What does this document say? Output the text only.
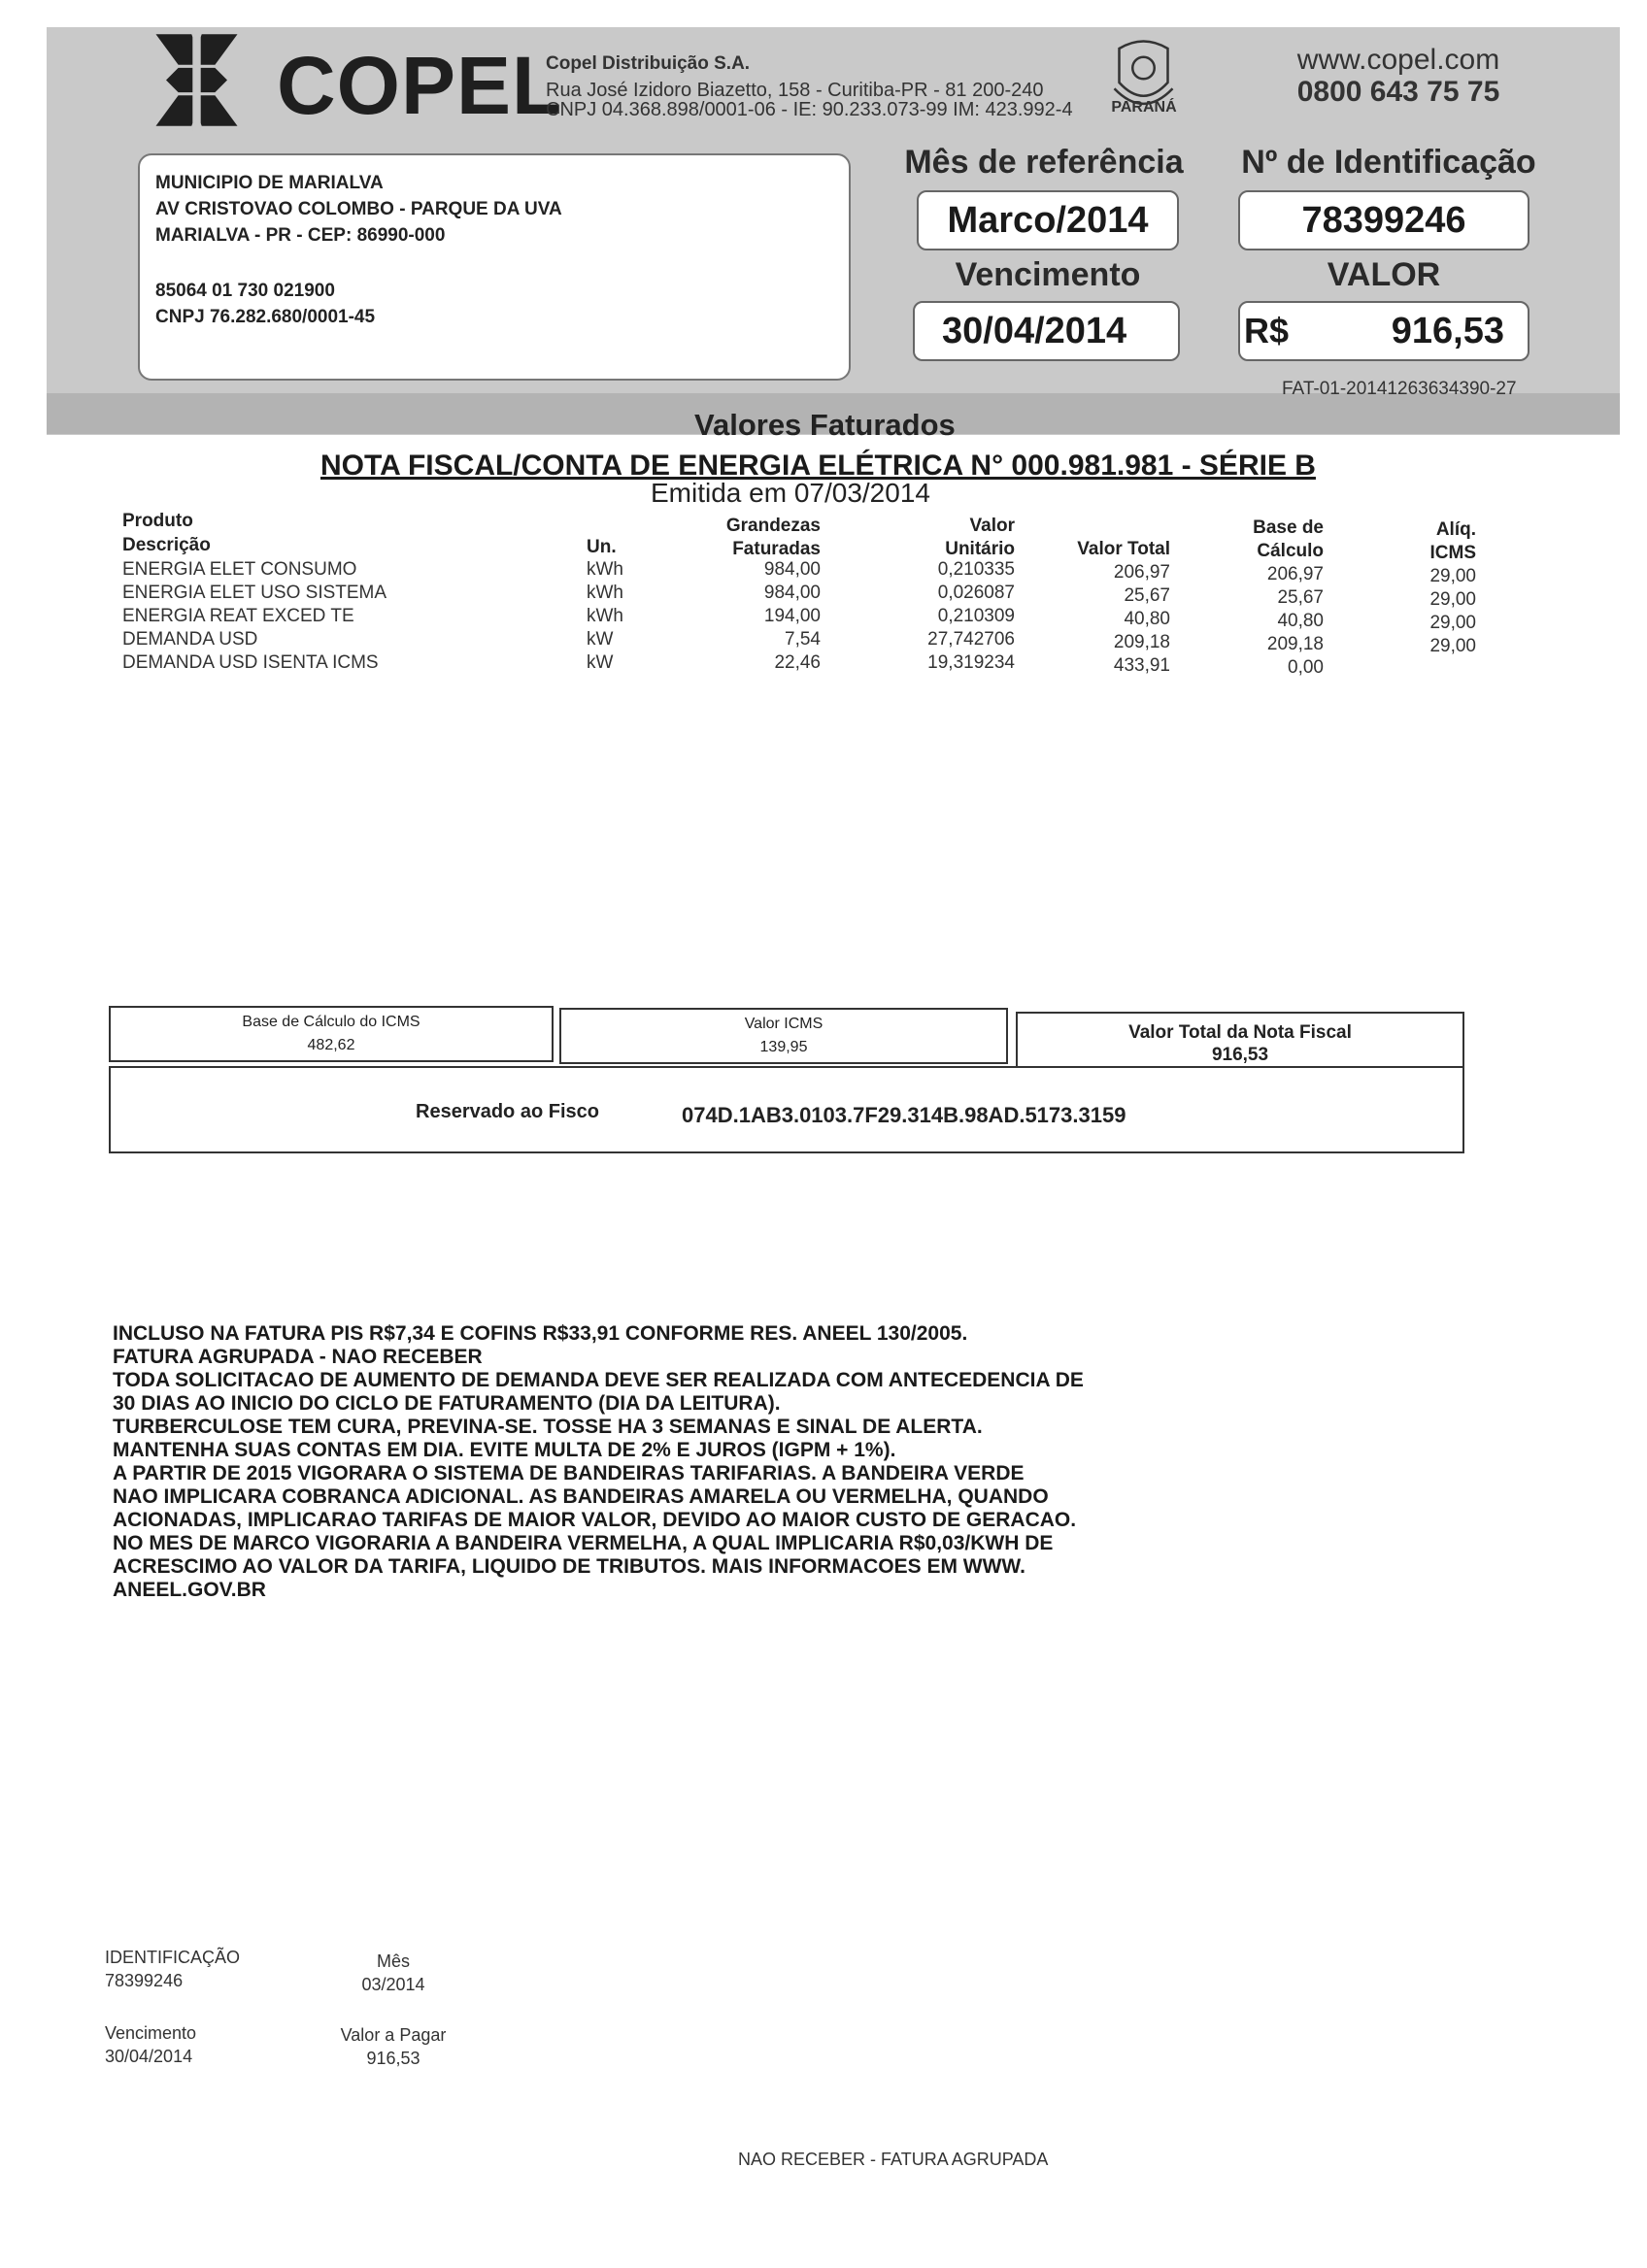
COPEL
Copel Distribuição S.A.
Rua José Izidoro Biazetto, 158 - Curitiba-PR - 81 200-240
CNPJ 04.368.898/0001-06 - IE: 90.233.073-99 IM: 423.992-4	PARANÁ
www.copel.com
0800 643 75 75
MUNICIPIO DE MARIALVA
AV CRISTOVAO COLOMBO - PARQUE DA UVA
MARIALVA - PR - CEP: 86990-000
85064 01 730 021900
CNPJ 76.282.680/0001-45
Mês de referência
Marco/2014
Nº de Identificação
78399246
Vencimento
30/04/2014
VALOR
R$	916,53
FAT-01-20141263634390-27
Valores Faturados
NOTA FISCAL/CONTA DE ENERGIA ELÉTRICA N° 000.981.981 - SÉRIE B
Emitida em 07/03/2014
Produto
Descrição	Un.
Grandezas
Faturadas
Valor
Unitário	Valor Total
Base de
Cálculo
Alíq.
ICMS
ENERGIA ELET CONSUMO	kWh	984,00	0,210335	206,97	206,97	29,00
ENERGIA ELET USO SISTEMA	kWh	984,00	0,026087	25,67	25,67	29,00
ENERGIA REAT EXCED TE	kWh	194,00	0,210309	40,80	40,80	29,00
DEMANDA USD	kW	7,54	27,742706	209,18	209,18	29,00
DEMANDA USD ISENTA ICMS	kW	22,46	19,319234	433,91	0,00
Base de Cálculo do ICMS
482,62
Valor ICMS
139,95
Valor Total da Nota Fiscal
916,53
Reservado ao Fisco	074D.1AB3.0103.7F29.314B.98AD.5173.3159
INCLUSO NA FATURA PIS R$7,34 E COFINS R$33,91 CONFORME RES. ANEEL 130/2005.
FATURA AGRUPADA - NAO RECEBER
TODA SOLICITACAO DE AUMENTO DE DEMANDA DEVE SER REALIZADA COM ANTECEDENCIA DE
30 DIAS AO INICIO DO CICLO DE FATURAMENTO (DIA DA LEITURA).
TURBERCULOSE TEM CURA, PREVINA-SE. TOSSE HA 3 SEMANAS E SINAL DE ALERTA.
MANTENHA SUAS CONTAS EM DIA. EVITE MULTA DE 2% E JUROS (IGPM + 1%).
A PARTIR DE 2015 VIGORARA O SISTEMA DE BANDEIRAS TARIFARIAS. A BANDEIRA VERDE
NAO IMPLICARA COBRANCA ADICIONAL. AS BANDEIRAS AMARELA OU VERMELHA, QUANDO
ACIONADAS, IMPLICARAO TARIFAS DE MAIOR VALOR, DEVIDO AO MAIOR CUSTO DE GERACAO.
NO MES DE MARCO VIGORARIA A BANDEIRA VERMELHA, A QUAL IMPLICARIA R$0,03/KWH DE
ACRESCIMO AO VALOR DA TARIFA, LIQUIDO DE TRIBUTOS. MAIS INFORMACOES EM WWW.
ANEEL.GOV.BR
IDENTIFICAÇÃO
78399246
Mês
03/2014
Vencimento
30/04/2014
Valor a Pagar
916,53
NAO RECEBER - FATURA AGRUPADA
